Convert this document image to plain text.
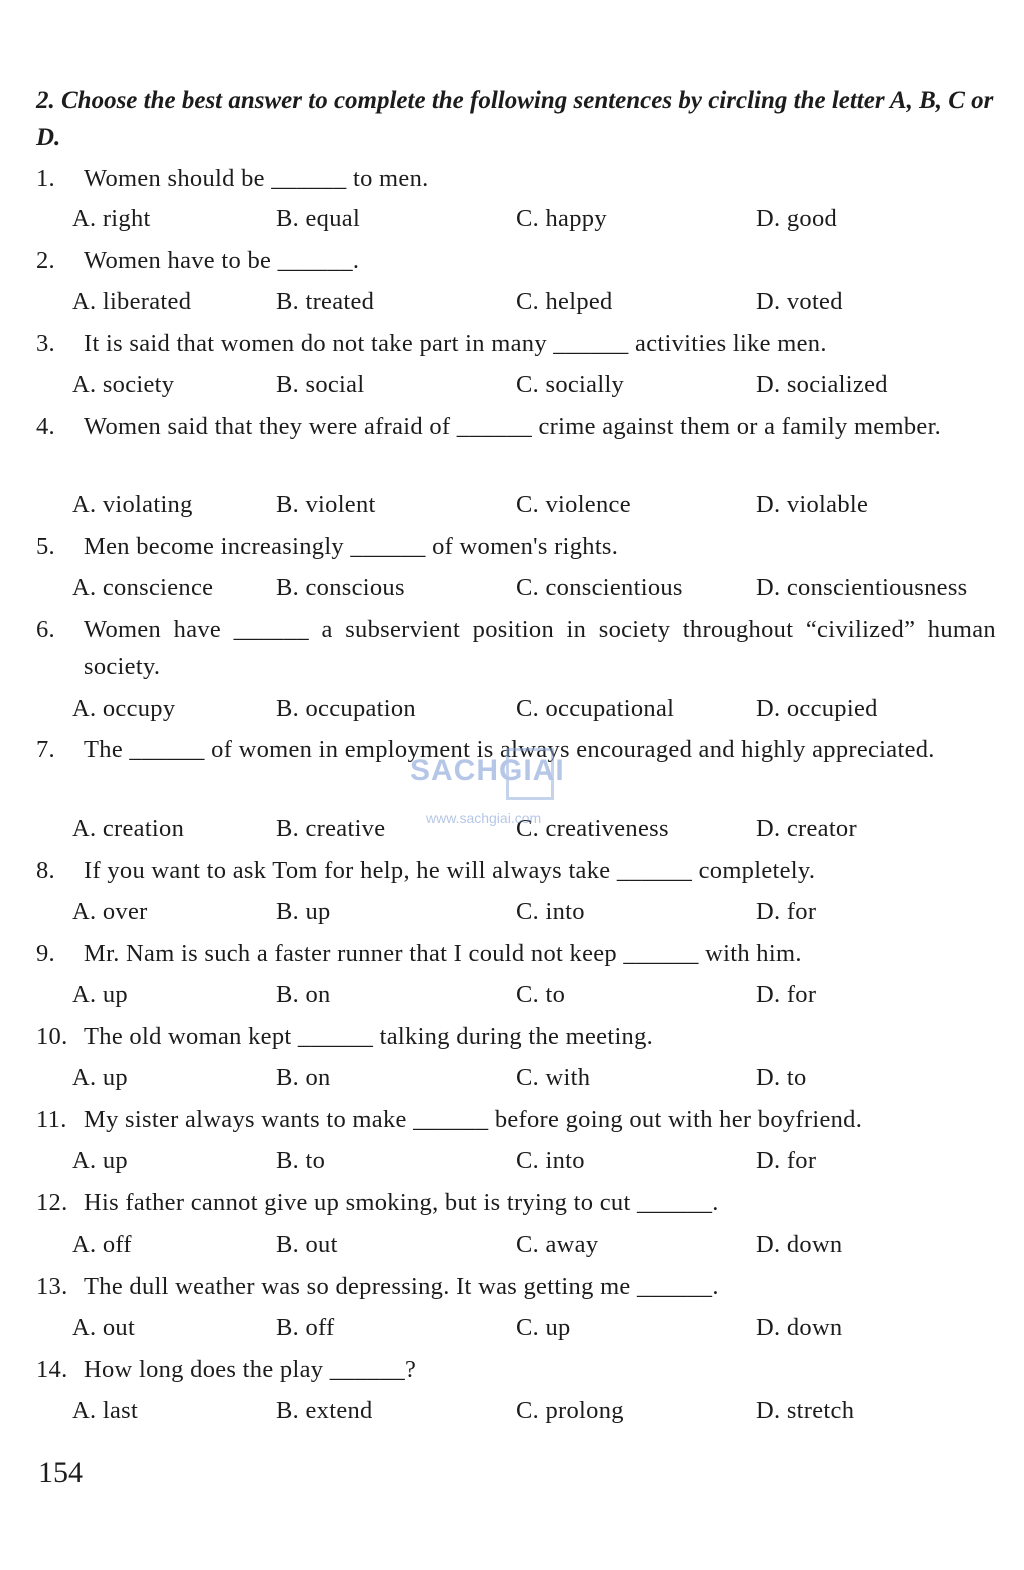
2. Choose the best answer to complete the following sentences by circling the letter A, B, C or D.
1. Women should be ______ to men.
A. right	B. equal	C. happy	D. good
2. Women have to be ______.
A. liberated	B. treated	C. helped	D. voted
3. It is said that women do not take part in many ______ activities like men.
A. society	B. social	C. socially	D. socialized
4. Women said that they were afraid of ______ crime against them or a family member.
A. violating	B. violent	C. violence	D. violable
5. Men become increasingly ______ of women's rights.
A. conscience	B. conscious	C. conscientious	D. conscientiousness
6. Women have ______ a subservient position in society throughout “civilized” human society.
A. occupy	B. occupation	C. occupational	D. occupied
7. The ______ of women in employment is always encouraged and highly appreciated.
A. creation	B. creative	C. creativeness	D. creator
8. If you want to ask Tom for help, he will always take ______ completely.
A. over	B. up	C. into	D. for
9. Mr. Nam is such a faster runner that I could not keep ______ with him.
A. up	B. on	C. to	D. for
10. The old woman kept ______ talking during the meeting.
A. up	B. on	C. with	D. to
11. My sister always wants to make ______ before going out with her boyfriend.
A. up	B. to	C. into	D. for
12. His father cannot give up smoking, but is trying to cut ______.
A. off	B. out	C. away	D. down
13. The dull weather was so depressing. It was getting me ______.
A. out	B. off	C. up	D. down
14. How long does the play ______?
A. last	B. extend	C. prolong	D. stretch
154
SACHGIAI
www.sachgiai.com
